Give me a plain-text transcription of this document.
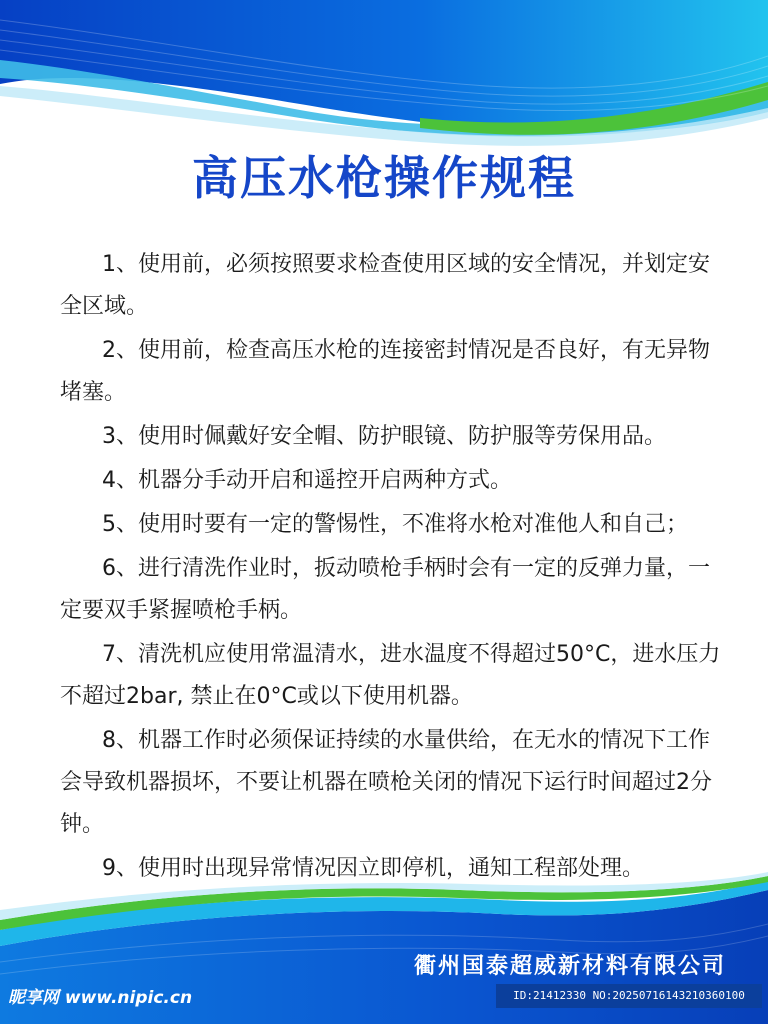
高压水枪操作规程

1、使用前，必须按照要求检查使用区域的安全情况，并划定安全区域。

2、使用前，检查高压水枪的连接密封情况是否良好，有无异物堵塞。

3、使用时佩戴好安全帽、防护眼镜、防护服等劳保用品。

4、机器分手动开启和遥控开启两种方式。

5、使用时要有一定的警惕性，不准将水枪对准他人和自己；

6、进行清洗作业时，扳动喷枪手柄时会有一定的反弹力量，一定要双手紧握喷枪手柄。

7、清洗机应使用常温清水，进水温度不得超过50°C，进水压力不超过2bar, 禁止在0°C或以下使用机器。

8、机器工作时必须保证持续的水量供给，在无水的情况下工作会导致机器损坏，不要让机器在喷枪关闭的情况下运行时间超过2分钟。

9、使用时出现异常情况因立即停机，通知工程部处理。

衢州国泰超威新材料有限公司
昵享网 www.nipic.cn	ID:21412330 NO:20250716143210360100
